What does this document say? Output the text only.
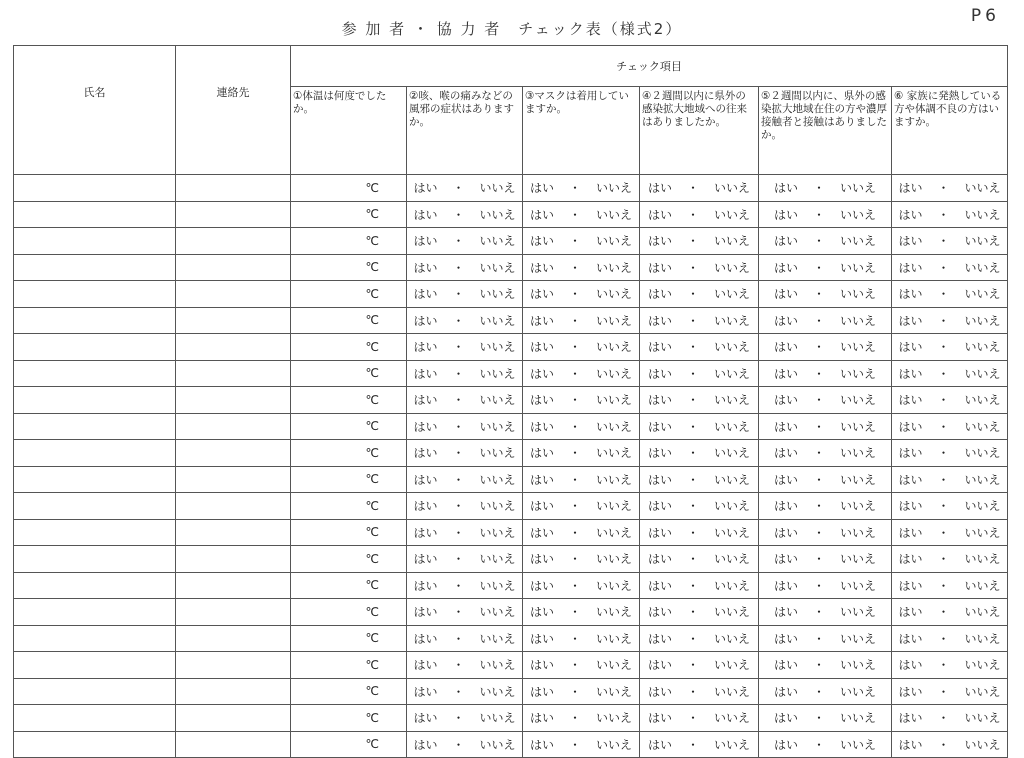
P6
参 加 者 ・ 協 力 者　チェック表（様式2）
氏名	連絡先	チェック項目					
		①体温は何度でしたか。	②咳、喉の痛みなどの風邪の症状はありますか。	③マスクは着用していますか。	④２週間以内に県外の感染拡大地域への往来はありましたか。	⑤２週間以内に、県外の感染拡大地域在住の方や濃厚接触者と接触はありましたか。	⑥ 家族に発熱している方や体調不良の方はいますか。
		℃	はい ・ いいえ	はい ・ いいえ	はい ・ いいえ	はい ・ いいえ	はい ・ いいえ
		℃	はい ・ いいえ	はい ・ いいえ	はい ・ いいえ	はい ・ いいえ	はい ・ いいえ
		℃	はい ・ いいえ	はい ・ いいえ	はい ・ いいえ	はい ・ いいえ	はい ・ いいえ
		℃	はい ・ いいえ	はい ・ いいえ	はい ・ いいえ	はい ・ いいえ	はい ・ いいえ
		℃	はい ・ いいえ	はい ・ いいえ	はい ・ いいえ	はい ・ いいえ	はい ・ いいえ
		℃	はい ・ いいえ	はい ・ いいえ	はい ・ いいえ	はい ・ いいえ	はい ・ いいえ
		℃	はい ・ いいえ	はい ・ いいえ	はい ・ いいえ	はい ・ いいえ	はい ・ いいえ
		℃	はい ・ いいえ	はい ・ いいえ	はい ・ いいえ	はい ・ いいえ	はい ・ いいえ
		℃	はい ・ いいえ	はい ・ いいえ	はい ・ いいえ	はい ・ いいえ	はい ・ いいえ
		℃	はい ・ いいえ	はい ・ いいえ	はい ・ いいえ	はい ・ いいえ	はい ・ いいえ
		℃	はい ・ いいえ	はい ・ いいえ	はい ・ いいえ	はい ・ いいえ	はい ・ いいえ
		℃	はい ・ いいえ	はい ・ いいえ	はい ・ いいえ	はい ・ いいえ	はい ・ いいえ
		℃	はい ・ いいえ	はい ・ いいえ	はい ・ いいえ	はい ・ いいえ	はい ・ いいえ
		℃	はい ・ いいえ	はい ・ いいえ	はい ・ いいえ	はい ・ いいえ	はい ・ いいえ
		℃	はい ・ いいえ	はい ・ いいえ	はい ・ いいえ	はい ・ いいえ	はい ・ いいえ
		℃	はい ・ いいえ	はい ・ いいえ	はい ・ いいえ	はい ・ いいえ	はい ・ いいえ
		℃	はい ・ いいえ	はい ・ いいえ	はい ・ いいえ	はい ・ いいえ	はい ・ いいえ
		℃	はい ・ いいえ	はい ・ いいえ	はい ・ いいえ	はい ・ いいえ	はい ・ いいえ
		℃	はい ・ いいえ	はい ・ いいえ	はい ・ いいえ	はい ・ いいえ	はい ・ いいえ
		℃	はい ・ いいえ	はい ・ いいえ	はい ・ いいえ	はい ・ いいえ	はい ・ いいえ
		℃	はい ・ いいえ	はい ・ いいえ	はい ・ いいえ	はい ・ いいえ	はい ・ いいえ
		℃	はい ・ いいえ	はい ・ いいえ	はい ・ いいえ	はい ・ いいえ	はい ・ いいえ
